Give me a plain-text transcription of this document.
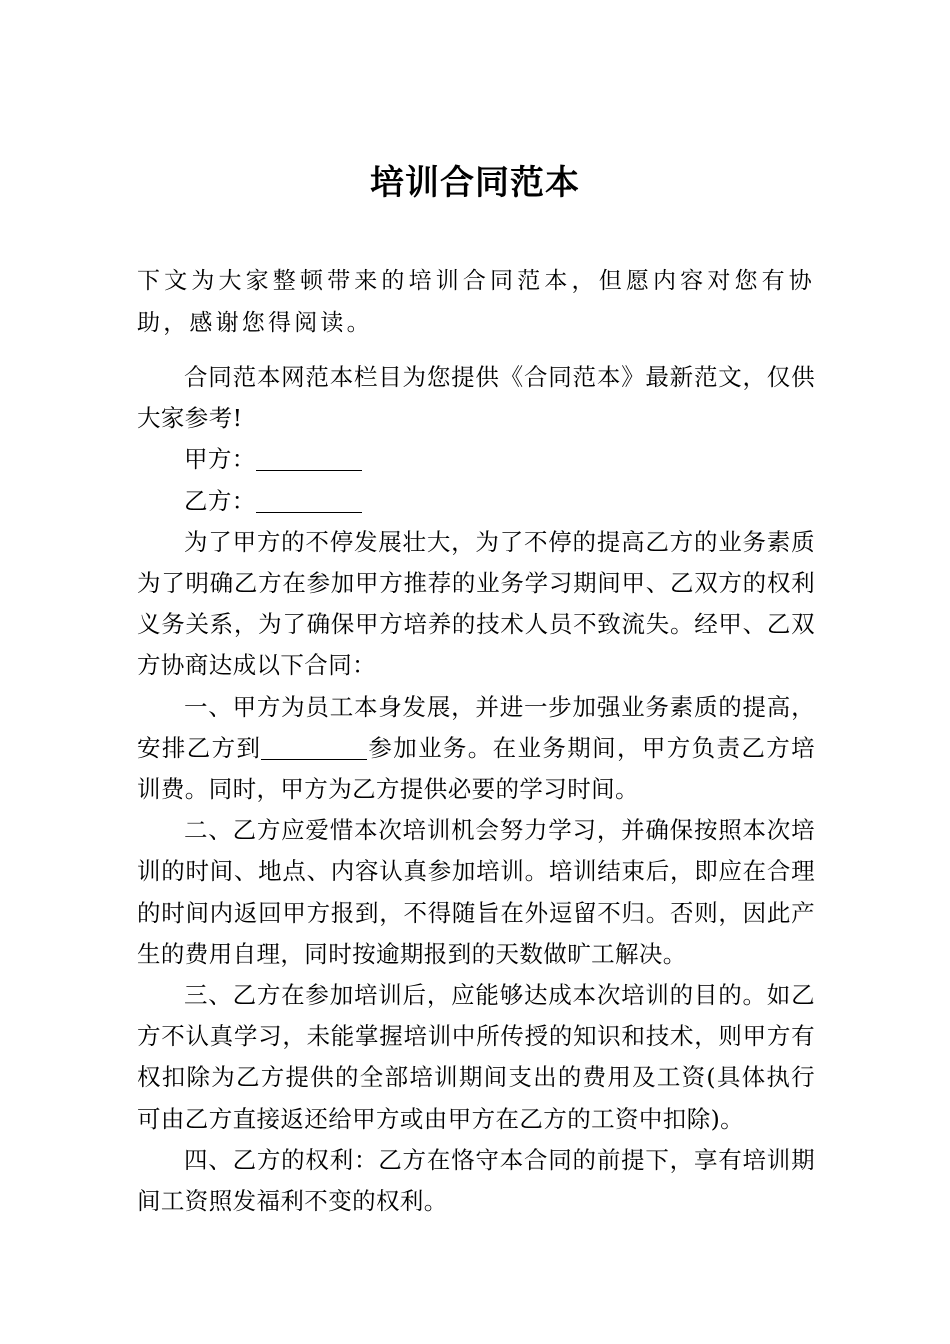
培训合同范本
下文为大家整顿带来的培训合同范本，但愿内容对您有协助，感谢您得阅读。

合同范本网范本栏目为您提供《合同范本》最新范文，仅供大家参考!

甲方：

乙方：

为了甲方的不停发展壮大，为了不停的提高乙方的业务素质为了明确乙方在参加甲方推荐的业务学习期间甲、乙双方的权利义务关系，为了确保甲方培养的技术人员不致流失。经甲、乙双方协商达成以下合同：

一、甲方为员工本身发展，并进一步加强业务素质的提高，安排乙方到	参加业务。在业务期间，甲方负责乙方培训费。同时，甲方为乙方提供必要的学习时间。

二、乙方应爱惜本次培训机会努力学习，并确保按照本次培训的时间、地点、内容认真参加培训。培训结束后，即应在合理的时间内返回甲方报到，不得随旨在外逗留不归。否则，因此产生的费用自理，同时按逾期报到的天数做旷工解决。

三、乙方在参加培训后，应能够达成本次培训的目的。如乙方不认真学习，未能掌握培训中所传授的知识和技术，则甲方有权扣除为乙方提供的全部培训期间支出的费用及工资(具体执行可由乙方直接返还给甲方或由甲方在乙方的工资中扣除)。

四、乙方的权利：乙方在恪守本合同的前提下，享有培训期间工资照发福利不变的权利。
